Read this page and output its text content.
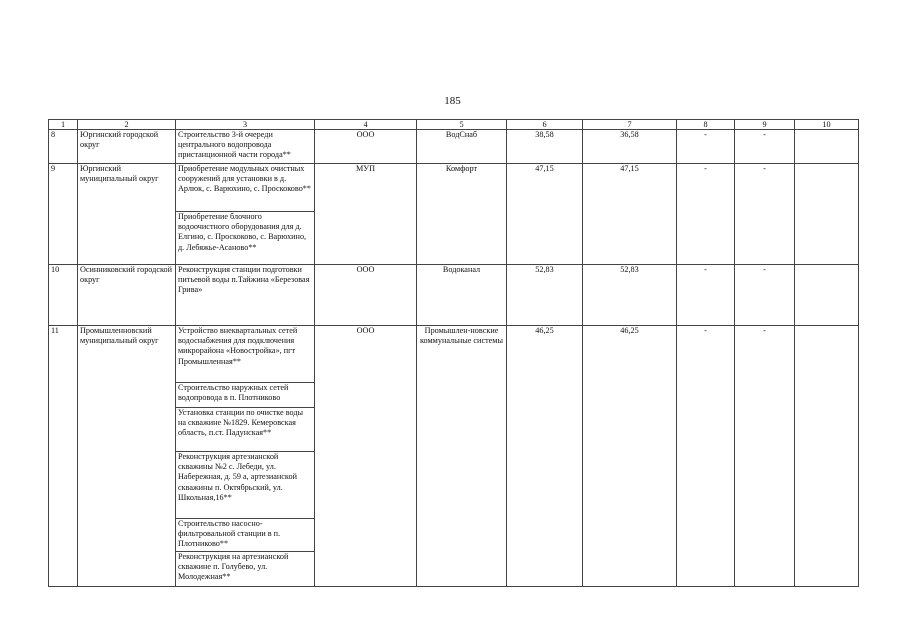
185
1	2	3	4	5	6	7	8	9	10
8	Юргинский городской округ	Строительство 3-й очереди центрального водопровода пристанционной части города**	ООО	ВодСнаб	38,58	36,58	-	-	
9	Юргинский муниципальный округ	Приобретение модульных очистных сооружений для установки в д. Арлюк, с. Варюхино, с. Проскоково**	МУП	Комфорт	47,15	47,15	-	-	
		Приобретение блочного водоочистного оборудования для д. Елгино, с. Проскоково, с. Варюхино, д. Лебяжье-Асаново**							
10	Осинниковский городской округ	Реконструкция станции подготовки питьевой воды п.Тайжина «Березовая Грива»	ООО	Водоканал	52,83	52,83	-	-	
11	Промышленновский муниципальный округ	Устройство внеквартальных сетей водоснабжения для подключения микрорайона «Новостройка», пгт Промышленная**	ООО	Промышлен-новские коммунальные системы	46,25	46,25	-	-	
		Строительство наружных сетей водопровода в п. Плотниково							
		Установка станции по очистке воды на скважине №1829. Кемеровская область, п.ст. Падунская**							
		Реконструкция артезианской скважины №2 с. Лебеди, ул. Набережная, д. 59 а, артезианской скважины п. Октябрьский, ул. Школьная,16**							
		Строительство насосно-фильтровальной станции в п. Плотниково**							
		Реконструкция на артезианской скважине п. Голубево, ул. Молодежная**							
